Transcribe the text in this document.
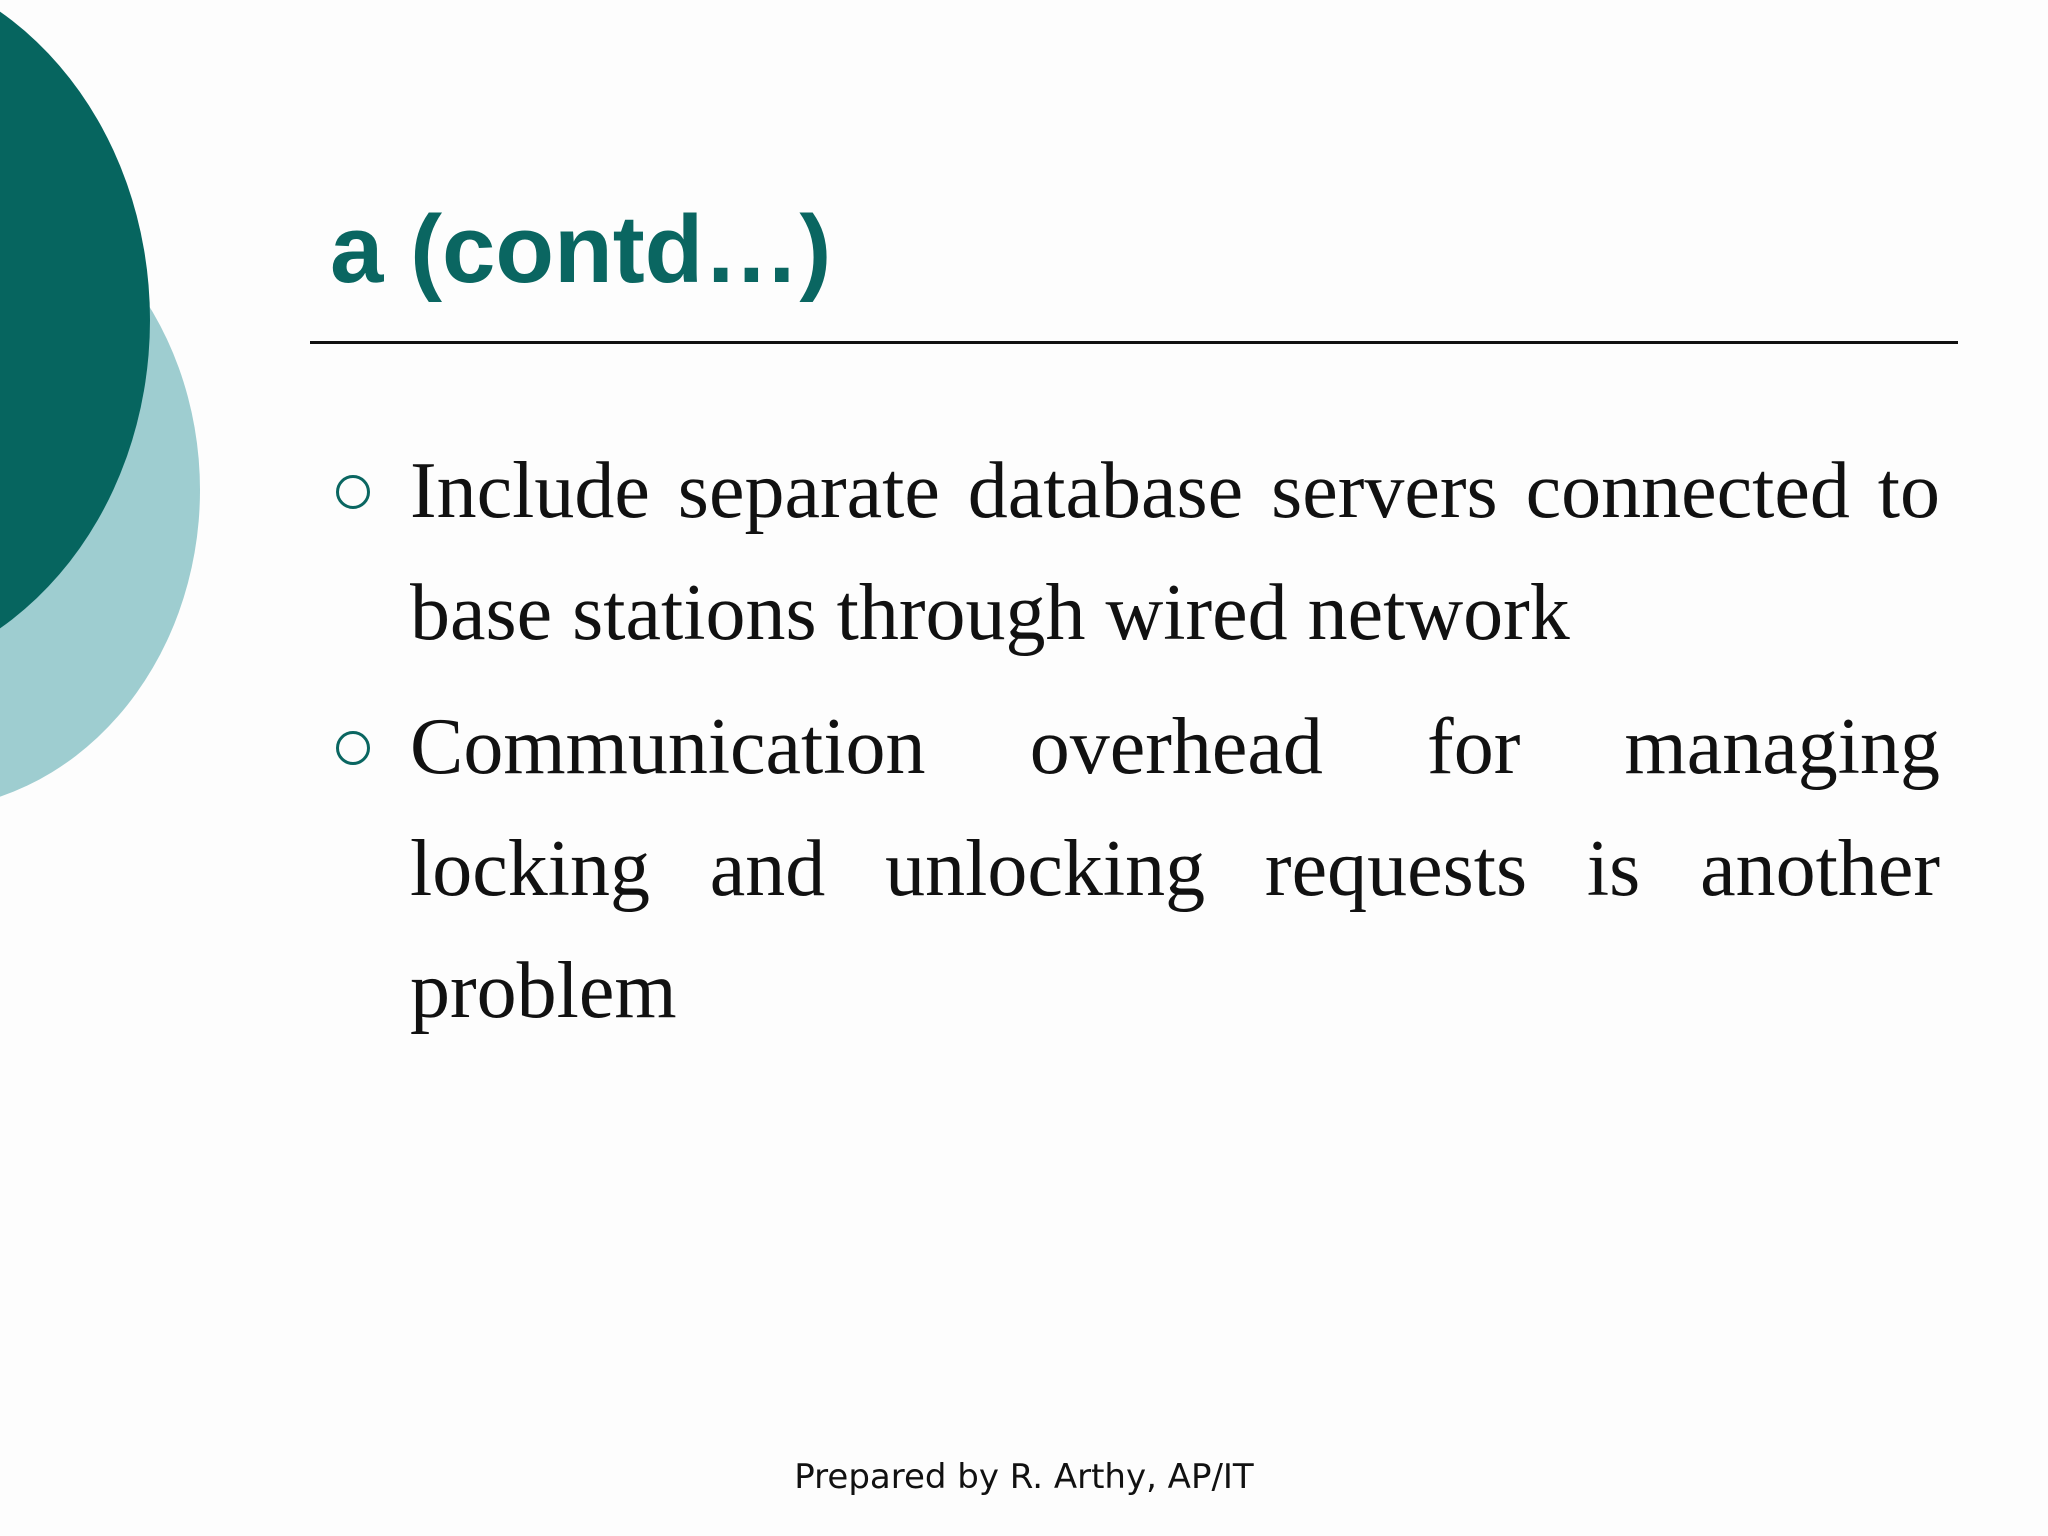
a (contd…)
Include separate database servers connected to base stations through wired network
Communication overhead for managing locking and unlocking requests is another problem
Prepared by R. Arthy, AP/IT
